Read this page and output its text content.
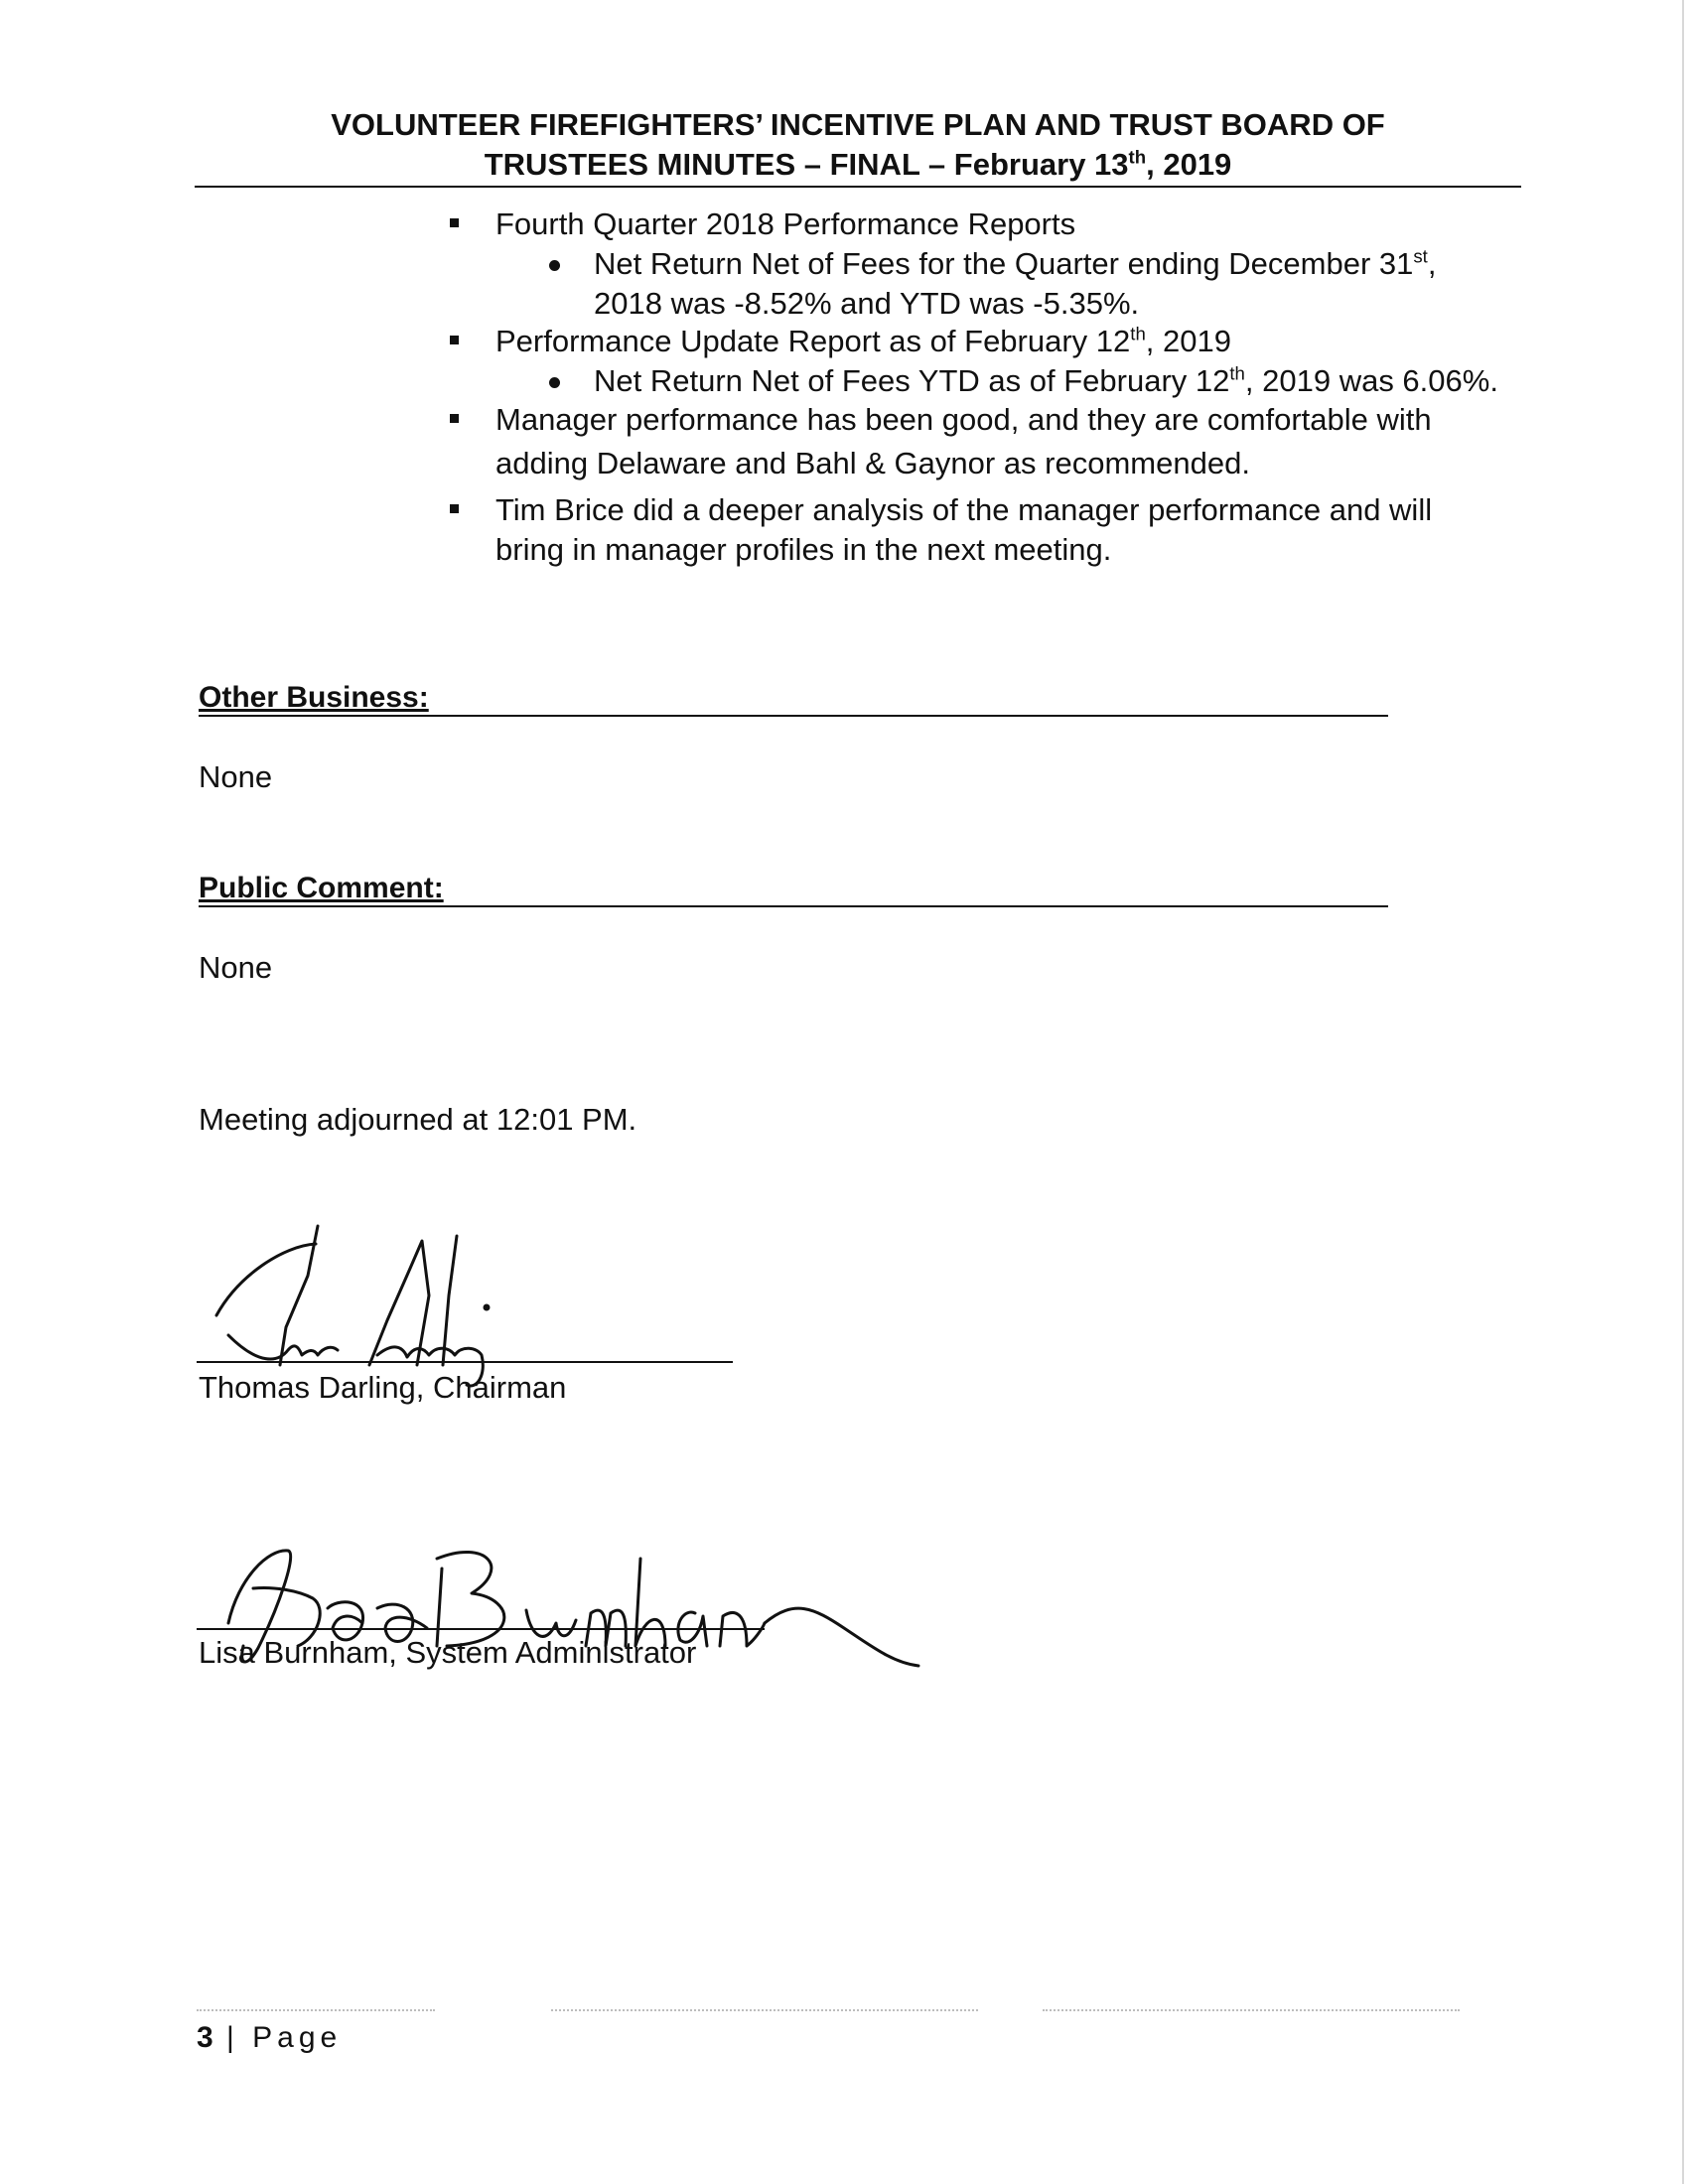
VOLUNTEER FIREFIGHTERS’ INCENTIVE PLAN AND TRUST BOARD OF
TRUSTEES MINUTES – FINAL – February 13th, 2019
Fourth Quarter 2018 Performance Reports
Net Return Net of Fees for the Quarter ending December 31st,
2018 was -8.52% and YTD was -5.35%.
Performance Update Report as of February 12th, 2019
Net Return Net of Fees YTD as of February 12th, 2019 was 6.06%.
Manager performance has been good, and they are comfortable with
adding Delaware and Bahl & Gaynor as recommended.
Tim Brice did a deeper analysis of the manager performance and will
bring in manager profiles in the next meeting.
Other Business:
None
Public Comment:
None
Meeting adjourned at 12:01 PM.
Thomas Darling, Chairman
Lisa Burnham, System Administrator
3 | Page
